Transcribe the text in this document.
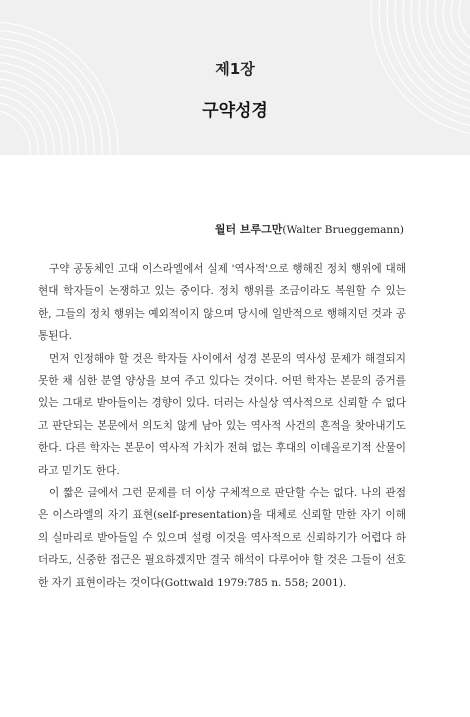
제1장
구약성경
월터 브루그만(Walter Brueggemann)

구약 공동체인 고대 이스라엘에서 실제 '역사적'으로 행해진 정치 행위에 대해 현대 학자들이 논쟁하고 있는 중이다. 정치 행위를 조금이라도 복원할 수 있는 한, 그들의 정치 행위는 예외적이지 않으며 당시에 일반적으로 행해지던 것과 공통된다.

먼저 인정해야 할 것은 학자들 사이에서 성경 본문의 역사성 문제가 해결되지 못한 채 심한 분열 양상을 보여 주고 있다는 것이다. 어떤 학자는 본문의 증거를 있는 그대로 받아들이는 경향이 있다. 더러는 사실상 역사적으로 신뢰할 수 없다고 판단되는 본문에서 의도치 않게 남아 있는 역사적 사건의 흔적을 찾아내기도 한다. 다른 학자는 본문이 역사적 가치가 전혀 없는 후대의 이데올로기적 산물이라고 믿기도 한다.

이 짧은 글에서 그런 문제를 더 이상 구체적으로 판단할 수는 없다. 나의 관점은 이스라엘의 자기 표현(self-presentation)을 대체로 신뢰할 만한 자기 이해의 실마리로 받아들일 수 있으며 설령 이것을 역사적으로 신뢰하기가 어렵다 하더라도, 신중한 접근은 필요하겠지만 결국 해석이 다루어야 할 것은 그들이 선호한 자기 표현이라는 것이다(Gottwald 1979:785 n. 558; 2001).
